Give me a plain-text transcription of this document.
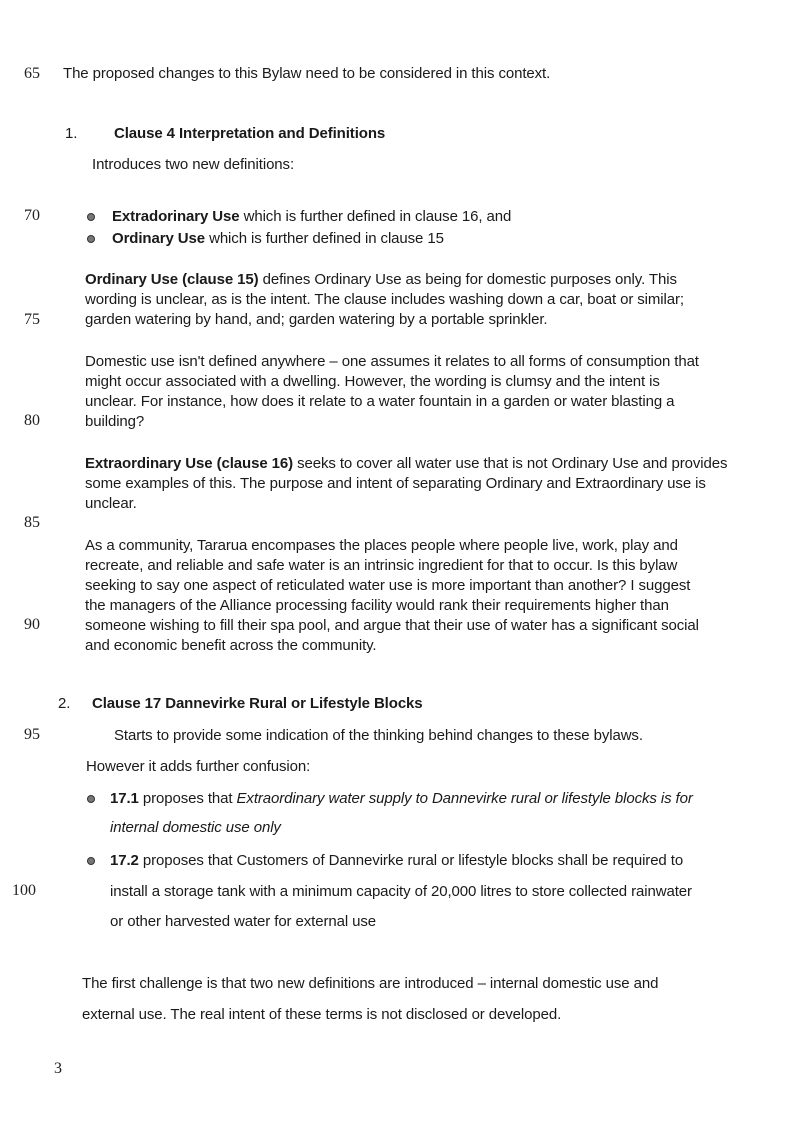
65
70
75
80
85
90
95
100
The proposed changes to this Bylaw need to be considered in this context.
1. Clause 4 Interpretation and Definitions
Introduces two new definitions:
Extradorinary Use which is further defined in clause 16, and
Ordinary Use which is further defined in clause 15
Ordinary Use (clause 15) defines Ordinary Use as being for domestic purposes only. This
wording is unclear, as is the intent. The clause includes washing down a car, boat or similar;
garden watering by hand, and; garden watering by a portable sprinkler.
Domestic use isn't defined anywhere – one assumes it relates to all forms of consumption that
might occur associated with a dwelling. However, the wording is clumsy and the intent is
unclear. For instance, how does it relate to a water fountain in a garden or water blasting a
building?
Extraordinary Use (clause 16) seeks to cover all water use that is not Ordinary Use and provides
some examples of this. The purpose and intent of separating Ordinary and Extraordinary use is
unclear.
As a community, Tararua encompases the places people where people live, work, play and
recreate, and reliable and safe water is an intrinsic ingredient for that to occur. Is this bylaw
seeking to say one aspect of reticulated water use is more important than another? I suggest
the managers of the Alliance processing facility would rank their requirements higher than
someone wishing to fill their spa pool, and argue that their use of water has a significant social
and economic benefit across the community.
2. Clause 17 Dannevirke Rural or Lifestyle Blocks
Starts to provide some indication of the thinking behind changes to these bylaws.
However it adds further confusion:
17.1 proposes that Extraordinary water supply to Dannevirke rural or lifestyle blocks is for
internal domestic use only
17.2 proposes that Customers of Dannevirke rural or lifestyle blocks shall be required to
install a storage tank with a minimum capacity of 20,000 litres to store collected rainwater
or other harvested water for external use
The first challenge is that two new definitions are introduced – internal domestic use and
external use. The real intent of these terms is not disclosed or developed.
3
